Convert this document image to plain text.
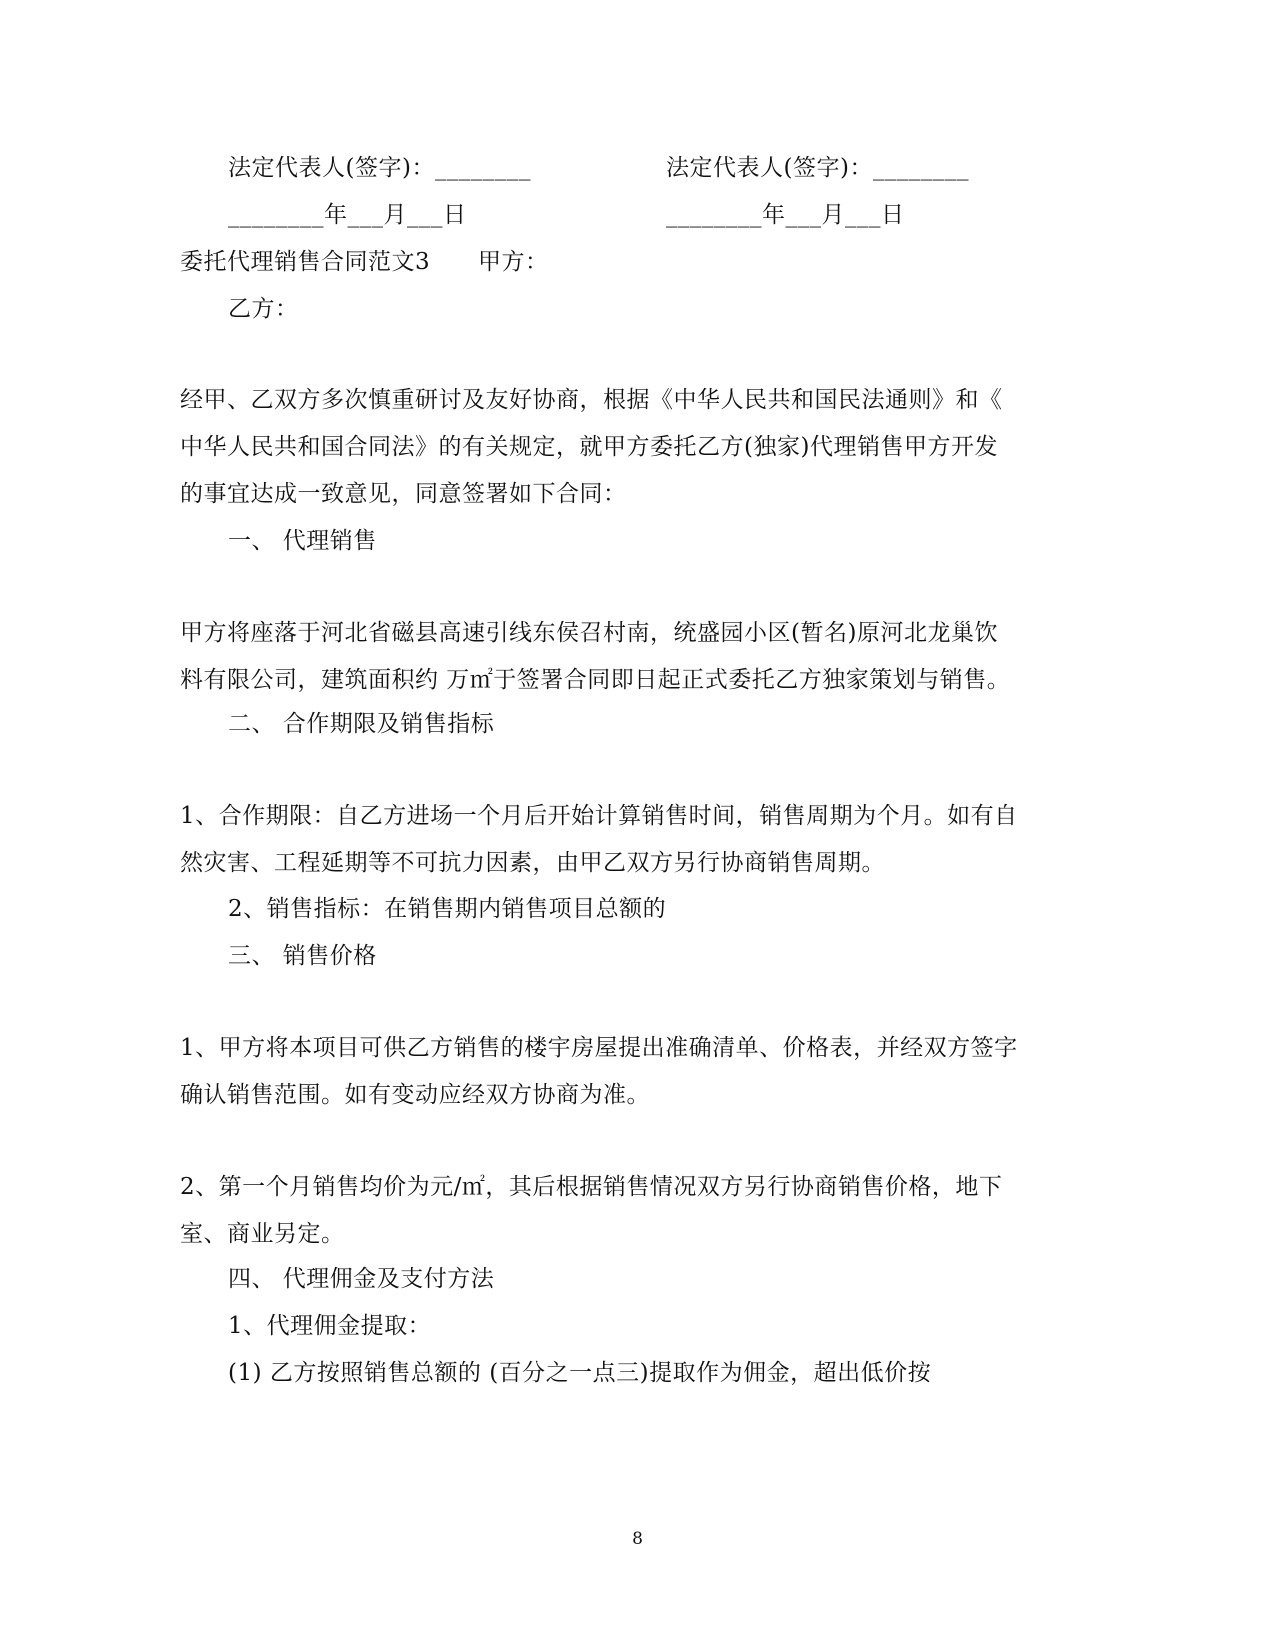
法定代表人(签字)：________	法定代表人(签字)：________
________年___月___日	________年___月___日
委托代理销售合同范文3 甲方：
乙方：
经甲、乙双方多次慎重研讨及友好协商，根据《中华人民共和国民法通则》和《
中华人民共和国合同法》的有关规定，就甲方委托乙方(独家)代理销售甲方开发
的事宜达成一致意见，同意签署如下合同：
一、 代理销售
甲方将座落于河北省磁县高速引线东侯召村南，统盛园小区(暂名)原河北龙巢饮
料有限公司，建筑面积约 万㎡于签署合同即日起正式委托乙方独家策划与销售。
二、 合作期限及销售指标
1、合作期限：自乙方进场一个月后开始计算销售时间，销售周期为个月。如有自
然灾害、工程延期等不可抗力因素，由甲乙双方另行协商销售周期。
2、销售指标：在销售期内销售项目总额的
三、 销售价格
1、甲方将本项目可供乙方销售的楼宇房屋提出准确清单、价格表，并经双方签字
确认销售范围。如有变动应经双方协商为准。
2、第一个月销售均价为元/㎡，其后根据销售情况双方另行协商销售价格，地下
室、商业另定。
四、 代理佣金及支付方法
1、代理佣金提取：
(1) 乙方按照销售总额的 (百分之一点三)提取作为佣金，超出低价按
8
